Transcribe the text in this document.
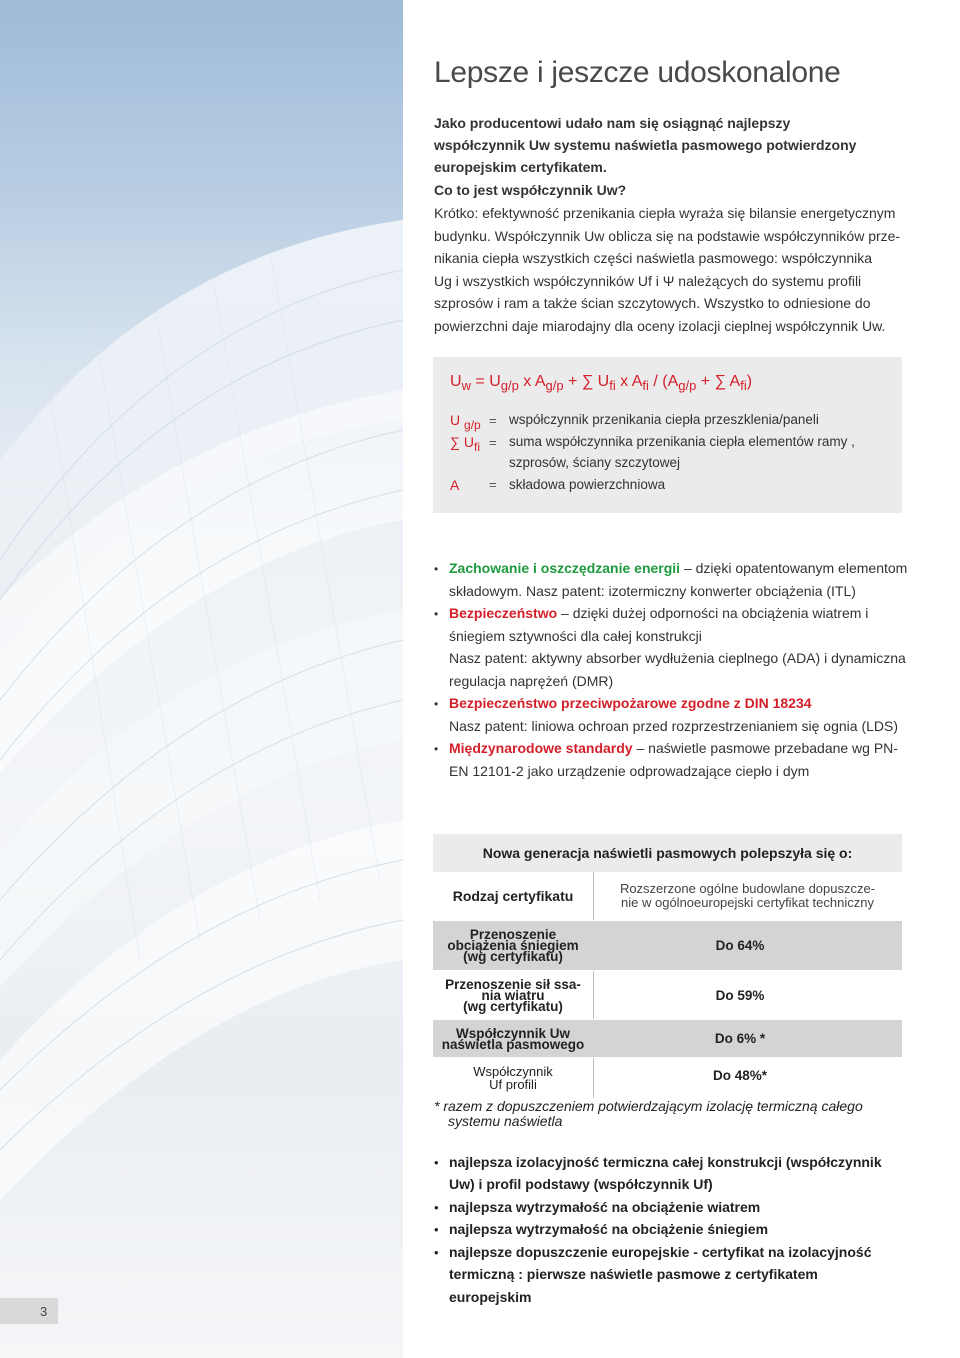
3
Lepsze i jeszcze udoskonalone
Jako producentowi udało nam się osiągnąć najlepszy
współczynnik Uw systemu naświetla pasmowego potwierdzony
europejskim certyfikatem.
Co to jest współczynnik Uw?
Krótko: efektywność przenikania ciepła wyraża się bilansie energetycznym
budynku. Współczynnik Uw oblicza się na podstawie współczynników prze-
nikania ciepła wszystkich części naświetla pasmowego: współczynnika
Ug i wszystkich współczynników Uf i Ψ należących do systemu profili
szprosów i ram a także ścian szczytowych. Wszystko to odniesione do
powierzchni daje miarodajny dla oceny izolacji cieplnej współczynnik Uw.
$U_w = U_{g/p}$ x $A_{g/p}$ + ∑ $U_{fi}$ x $A_{fi} / (A_{g/p}$ + ∑ $A_{fi}$)
U $_{g/p}$ = współczynnik przenikania ciepła przeszklenia/paneli
∑ $U_{fi}$ = suma współczynnika przenikania ciepła elementów ramy ,
szprosów, ściany szczytowej
A = składowa powierzchniowa
• Zachowanie i oszczędzanie energii – dzięki opatentowanym elementom
składowym. Nasz patent: izotermiczny konwerter obciążenia (ITL)
• Bezpieczeństwo – dzięki dużej odporności na obciążenia wiatrem i
śniegiem sztywności dla całej konstrukcji
Nasz patent: aktywny absorber wydłużenia cieplnego (ADA) i dynamiczna
regulacja naprężeń (DMR)
• Bezpieczeństwo przeciwpożarowe zgodne z DIN 18234
Nasz patent: liniowa ochroan przed rozprzestrzenianiem się ognia (LDS)
• Międzynarodowe standardy – naświetle pasmowe przebadane wg PN-
EN 12101-2 jako urządzenie odprowadzające ciepło i dym
Nowa generacja naświetli pasmowych polepszyła się o:
Rodzaj certyfikatu	Rozszerzone ogólne budowlane dopuszcze-
nie w ogólnoeuropejski certyfikat techniczny
Przenoszenie
obciążenia śniegiem
(wg certyfikatu)
Do 64%
Przenoszenie sił ssa-
nia wiatru
(wg certyfikatu)
Do 59%
Współczynnik Uw
naświetla pasmowego	Do 6% *
Współczynnik
Uf profili
Do 48%*
* razem z dopuszczeniem potwierdzającym izolację termiczną całego
systemu naświetla
• najlepsza izolacyjność termiczna całej konstrukcji (współczynnik
Uw) i profil podstawy (współczynnik Uf)
• najlepsza wytrzymałość na obciążenie wiatrem
• najlepsza wytrzymałość na obciążenie śniegiem
• najlepsze dopuszczenie europejskie - certyfikat na izolacyjność
termiczną : pierwsze naświetle pasmowe z certyfikatem
europejskim
